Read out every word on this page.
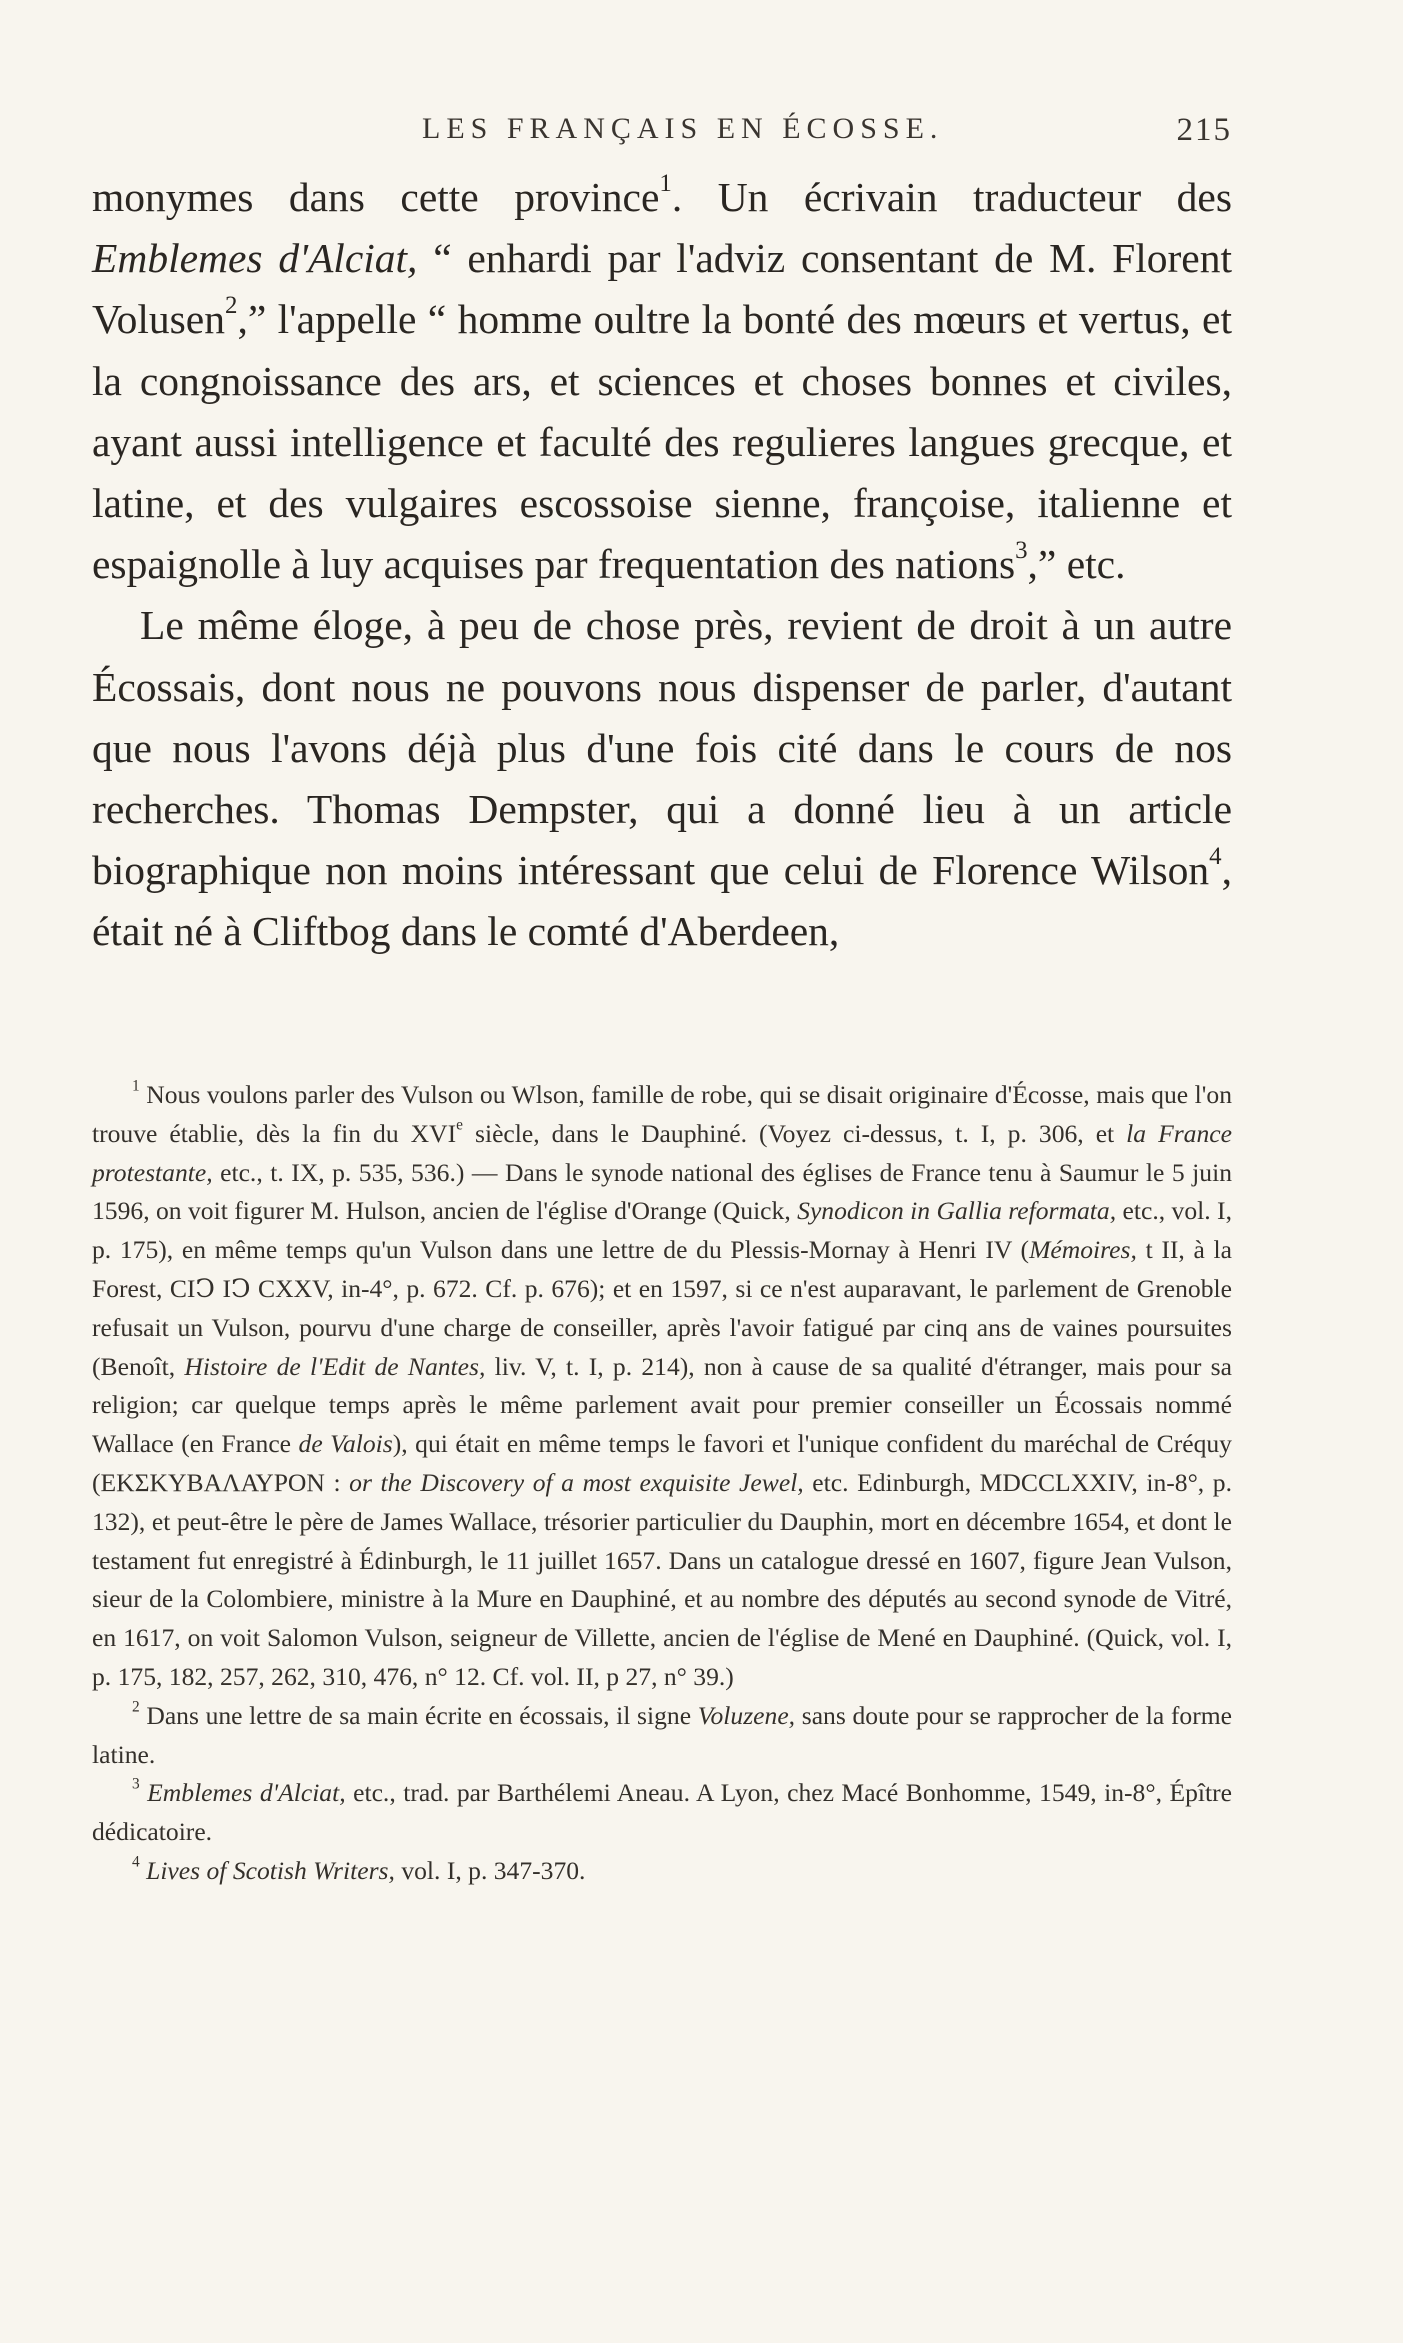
LES FRANÇAIS EN ÉCOSSE.	215

monymes dans cette province$^1$. Un écrivain traducteur des Emblemes d'Alciat, “ enhardi par l'adviz consentant de M. Florent Volusen$^2$,” l'appelle “ homme oultre la bonté des mœurs et vertus, et la congnoissance des ars, et sciences et choses bonnes et civiles, ayant aussi intelligence et faculté des regulieres langues grecque, et latine, et des vulgaires escossoise sienne, françoise, italienne et espaignolle à luy acquises par frequentation des nations$^3$,” etc.

Le même éloge, à peu de chose près, revient de droit à un autre Écossais, dont nous ne pouvons nous dispenser de parler, d'autant que nous l'avons déjà plus d'une fois cité dans le cours de nos recherches. Thomas Dempster, qui a donné lieu à un article biographique non moins intéressant que celui de Florence Wilson$^4$, était né à Cliftbog dans le comté d'Aberdeen,

$^1$ Nous voulons parler des Vulson ou Wlson, famille de robe, qui se disait originaire d'Écosse, mais que l'on trouve établie, dès la fin du XVIe siècle, dans le Dauphiné. (Voyez ci-dessus, t. I, p. 306, et la France protestante, etc., t. IX, p. 535, 536.) — Dans le synode national des églises de France tenu à Saumur le 5 juin 1596, on voit figurer M. Hulson, ancien de l'église d'Orange (Quick, Synodicon in Gallia reformata, etc., vol. I, p. 175), en même temps qu'un Vulson dans une lettre de du Plessis-Mornay à Henri IV (Mémoires, t II, à la Forest, CIↃ IↃ CXXV, in-4°, p. 672. Cf. p. 676); et en 1597, si ce n'est auparavant, le parlement de Grenoble refusait un Vulson, pourvu d'une charge de conseiller, après l'avoir fatigué par cinq ans de vaines poursuites (Benoît, Histoire de l'Edit de Nantes, liv. V, t. I, p. 214), non à cause de sa qualité d'étranger, mais pour sa religion; car quelque temps après le même parlement avait pour premier conseiller un Écossais nommé Wallace (en France de Valois), qui était en même temps le favori et l'unique confident du maréchal de Créquy (ΕΚΣΚΥΒΑΛΑΥΡΟΝ : or the Discovery of a most exquisite Jewel, etc. Edinburgh, MDCCLXXIV, in-8°, p. 132), et peut-être le père de James Wallace, trésorier particulier du Dauphin, mort en décembre 1654, et dont le testament fut enregistré à Édinburgh, le 11 juillet 1657. Dans un catalogue dressé en 1607, figure Jean Vulson, sieur de la Colombiere, ministre à la Mure en Dauphiné, et au nombre des députés au second synode de Vitré, en 1617, on voit Salomon Vulson, seigneur de Villette, ancien de l'église de Mené en Dauphiné. (Quick, vol. I, p. 175, 182, 257, 262, 310, 476, n° 12. Cf. vol. II, p 27, n° 39.)

$^2$ Dans une lettre de sa main écrite en écossais, il signe Voluzene, sans doute pour se rapprocher de la forme latine.

$^3$ Emblemes d'Alciat, etc., trad. par Barthélemi Aneau. A Lyon, chez Macé Bonhomme, 1549, in-8°, Épître dédicatoire.

$^4$ Lives of Scotish Writers, vol. I, p. 347-370.
